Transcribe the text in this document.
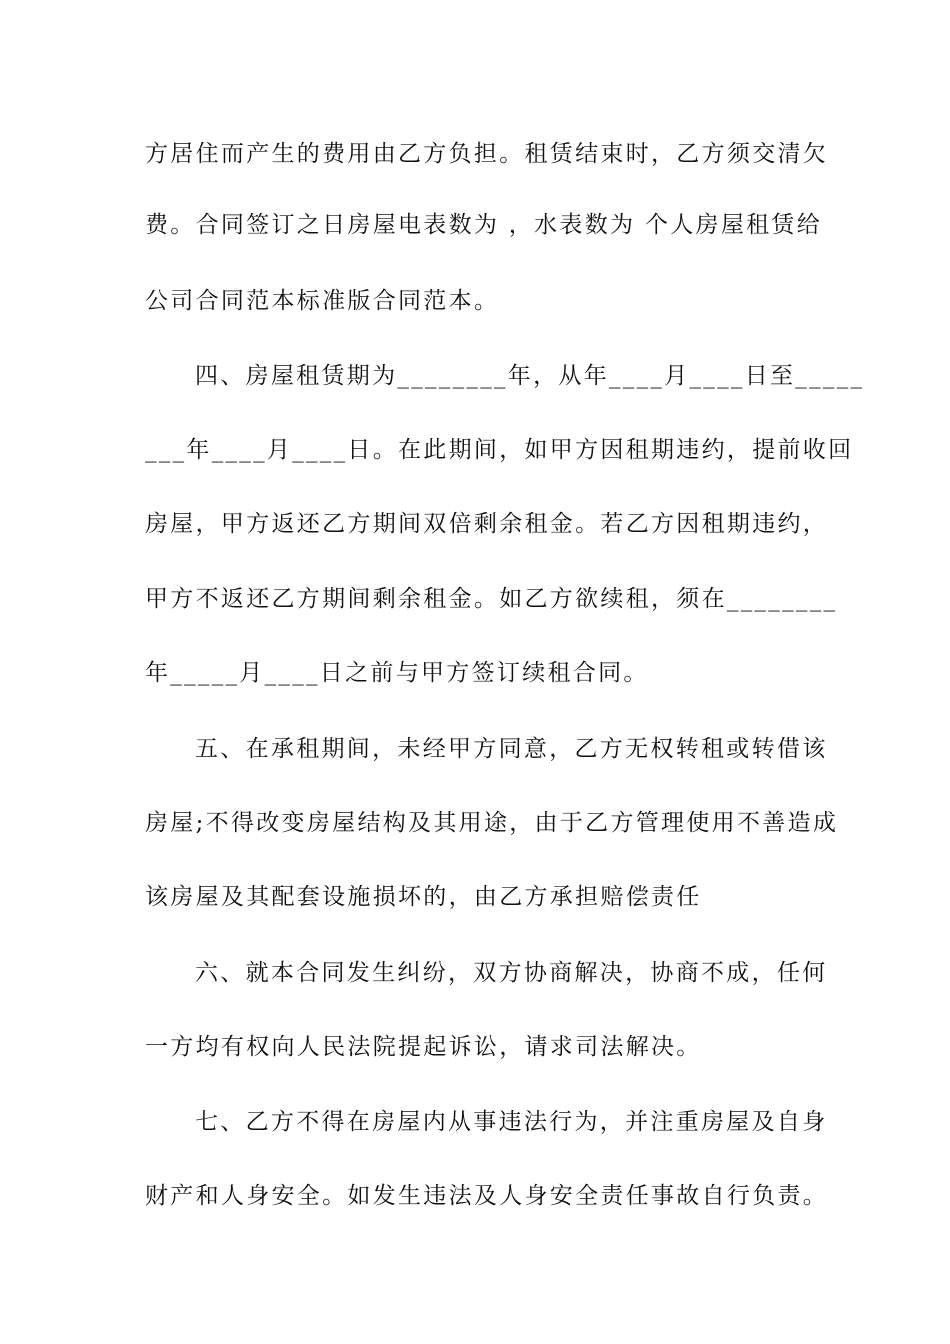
方居住而产生的费用由乙方负担。租赁结束时，乙方须交清欠
费。合同签订之日房屋电表数为 ，水表数为 个人房屋租赁给
公司合同范本标准版合同范本。
四、房屋租赁期为________年，从年____月____日至_____
___年____月____日。在此期间，如甲方因租期违约，提前收回
房屋，甲方返还乙方期间双倍剩余租金。若乙方因租期违约，
甲方不返还乙方期间剩余租金。如乙方欲续租，须在________
年_____月____日之前与甲方签订续租合同。
五、在承租期间，未经甲方同意，乙方无权转租或转借该
房屋;不得改变房屋结构及其用途，由于乙方管理使用不善造成
该房屋及其配套设施损坏的，由乙方承担赔偿责任
六、就本合同发生纠纷，双方协商解决，协商不成，任何
一方均有权向人民法院提起诉讼，请求司法解决。
七、乙方不得在房屋内从事违法行为，并注重房屋及自身
财产和人身安全。如发生违法及人身安全责任事故自行负责。
